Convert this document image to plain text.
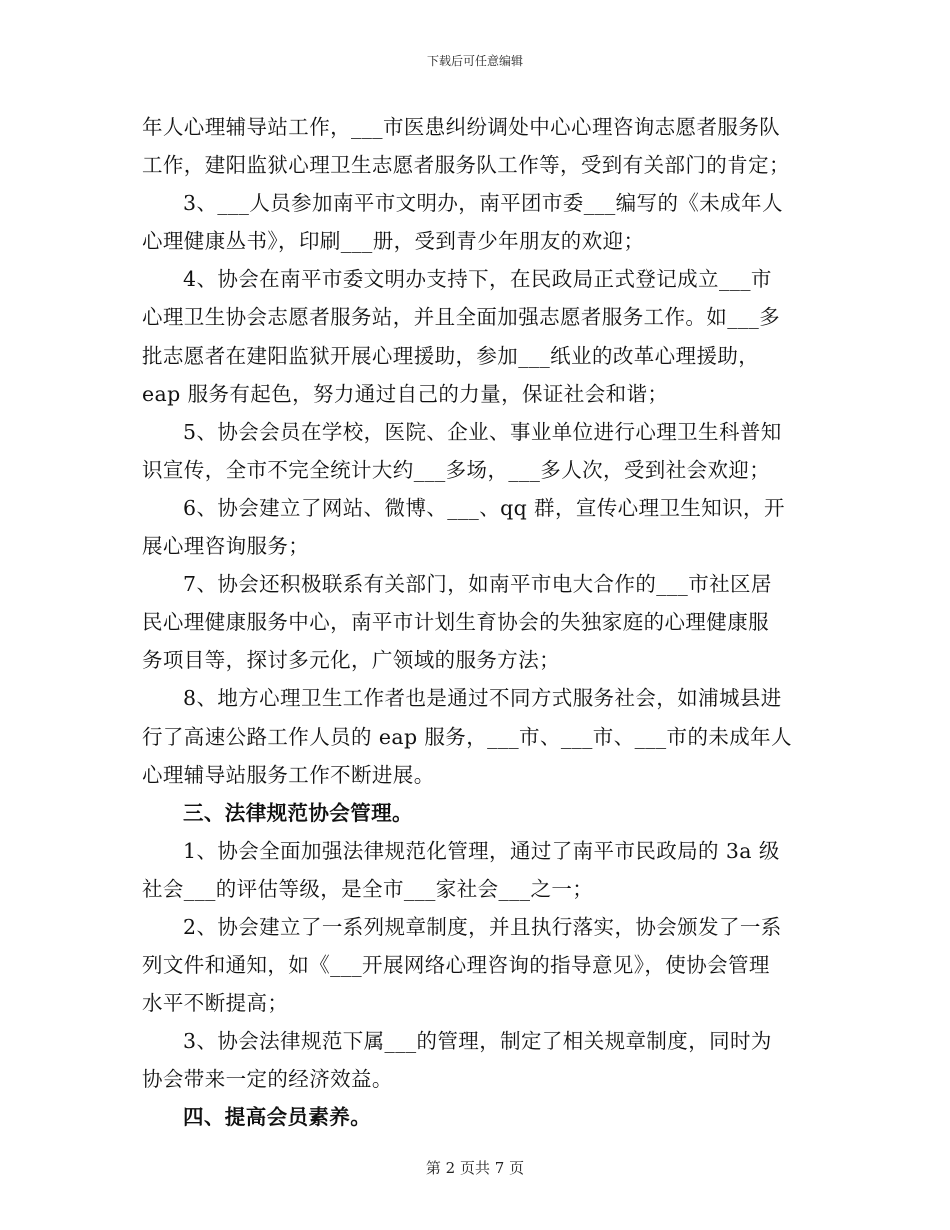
下载后可任意编辑

年人心理辅导站工作，___市医患纠纷调处中心心理咨询志愿者服务队

工作，建阳监狱心理卫生志愿者服务队工作等，受到有关部门的肯定；

3、___人员参加南平市文明办，南平团市委___编写的《未成年人

心理健康丛书》，印刷___册，受到青少年朋友的欢迎；

4、协会在南平市委文明办支持下，在民政局正式登记成立___市

心理卫生协会志愿者服务站，并且全面加强志愿者服务工作。如___多

批志愿者在建阳监狱开展心理援助，参加___纸业的改革心理援助，

eap 服务有起色，努力通过自己的力量，保证社会和谐；

5、协会会员在学校，医院、企业、事业单位进行心理卫生科普知

识宣传，全市不完全统计大约___多场，___多人次，受到社会欢迎；

6、协会建立了网站、微博、___、qq 群，宣传心理卫生知识，开

展心理咨询服务；

7、协会还积极联系有关部门，如南平市电大合作的___市社区居

民心理健康服务中心，南平市计划生育协会的失独家庭的心理健康服

务项目等，探讨多元化，广领域的服务方法；

8、地方心理卫生工作者也是通过不同方式服务社会，如浦城县进

行了高速公路工作人员的 eap 服务，___市、___市、___市的未成年人

心理辅导站服务工作不断进展。

三、法律规范协会管理。

1、协会全面加强法律规范化管理，通过了南平市民政局的 3a 级

社会___的评估等级，是全市___家社会___之一；

2、协会建立了一系列规章制度，并且执行落实，协会颁发了一系

列文件和通知，如《___开展网络心理咨询的指导意见》，使协会管理

水平不断提高；

3、协会法律规范下属___的管理，制定了相关规章制度，同时为

协会带来一定的经济效益。

四、提高会员素养。

第 2 页共 7 页
